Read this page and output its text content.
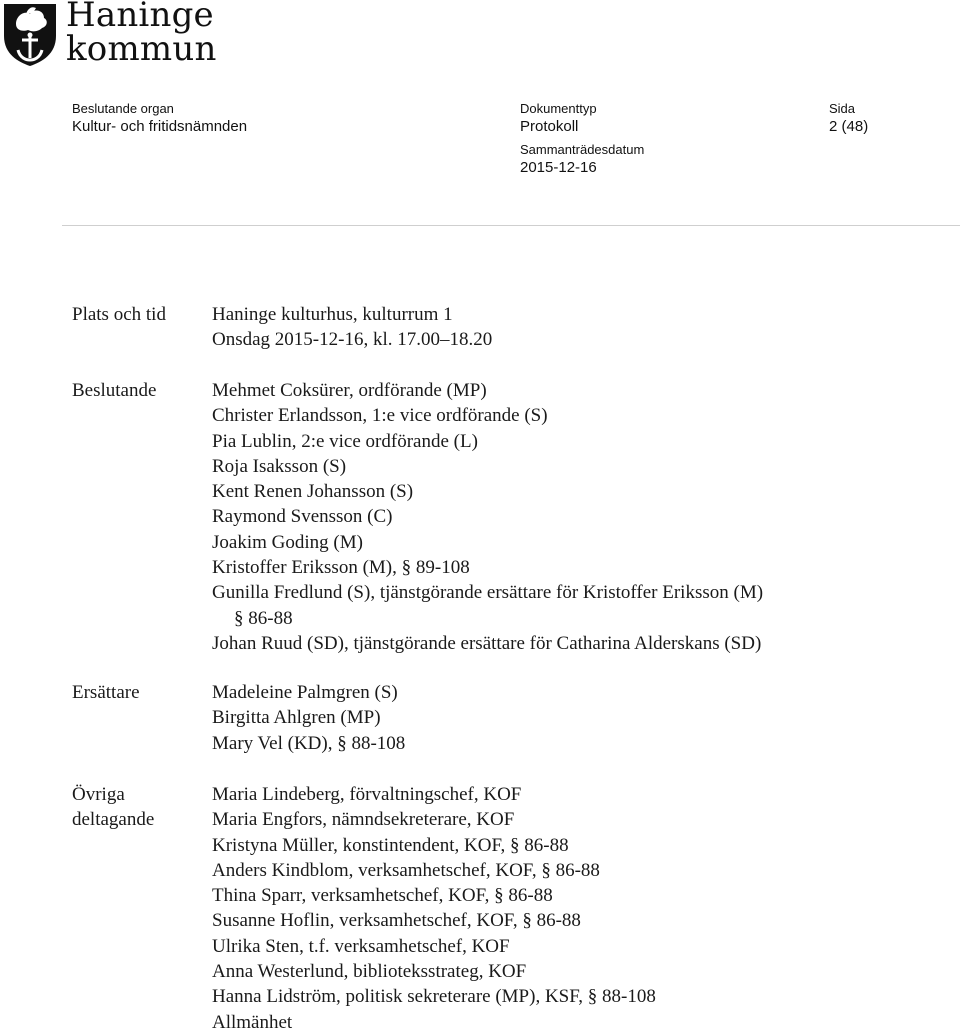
Haninge
kommun
Beslutande organ
Kultur- och fritidsnämnden
Dokumenttyp
Protokoll
Sida
2 (48)
Sammanträdesdatum
2015-12-16
Plats och tid Haninge kulturhus, kulturrum 1
Onsdag 2015-12-16, kl. 17.00–18.20
Beslutande	Mehmet Coksürer, ordförande (MP)
Christer Erlandsson, 1:e vice ordförande (S)
Pia Lublin, 2:e vice ordförande (L)
Roja Isaksson (S)
Kent Renen Johansson (S)
Raymond Svensson (C)
Joakim Goding (M)
Kristoffer Eriksson (M), § 89-108
Gunilla Fredlund (S), tjänstgörande ersättare för Kristoffer Eriksson (M)
§ 86-88
Johan Ruud (SD), tjänstgörande ersättare för Catharina Alderskans (SD)
Ersättare	Madeleine Palmgren (S)
Birgitta Ahlgren (MP)
Mary Vel (KD), § 88-108
Övriga
deltagande
Maria Lindeberg, förvaltningschef, KOF
Maria Engfors, nämndsekreterare, KOF
Kristyna Müller, konstintendent, KOF, § 86-88
Anders Kindblom, verksamhetschef, KOF, § 86-88
Thina Sparr, verksamhetschef, KOF, § 86-88
Susanne Hoflin, verksamhetschef, KOF, § 86-88
Ulrika Sten, t.f. verksamhetschef, KOF
Anna Westerlund, biblioteksstrateg, KOF
Hanna Lidström, politisk sekreterare (MP), KSF, § 88-108
Allmänhet
